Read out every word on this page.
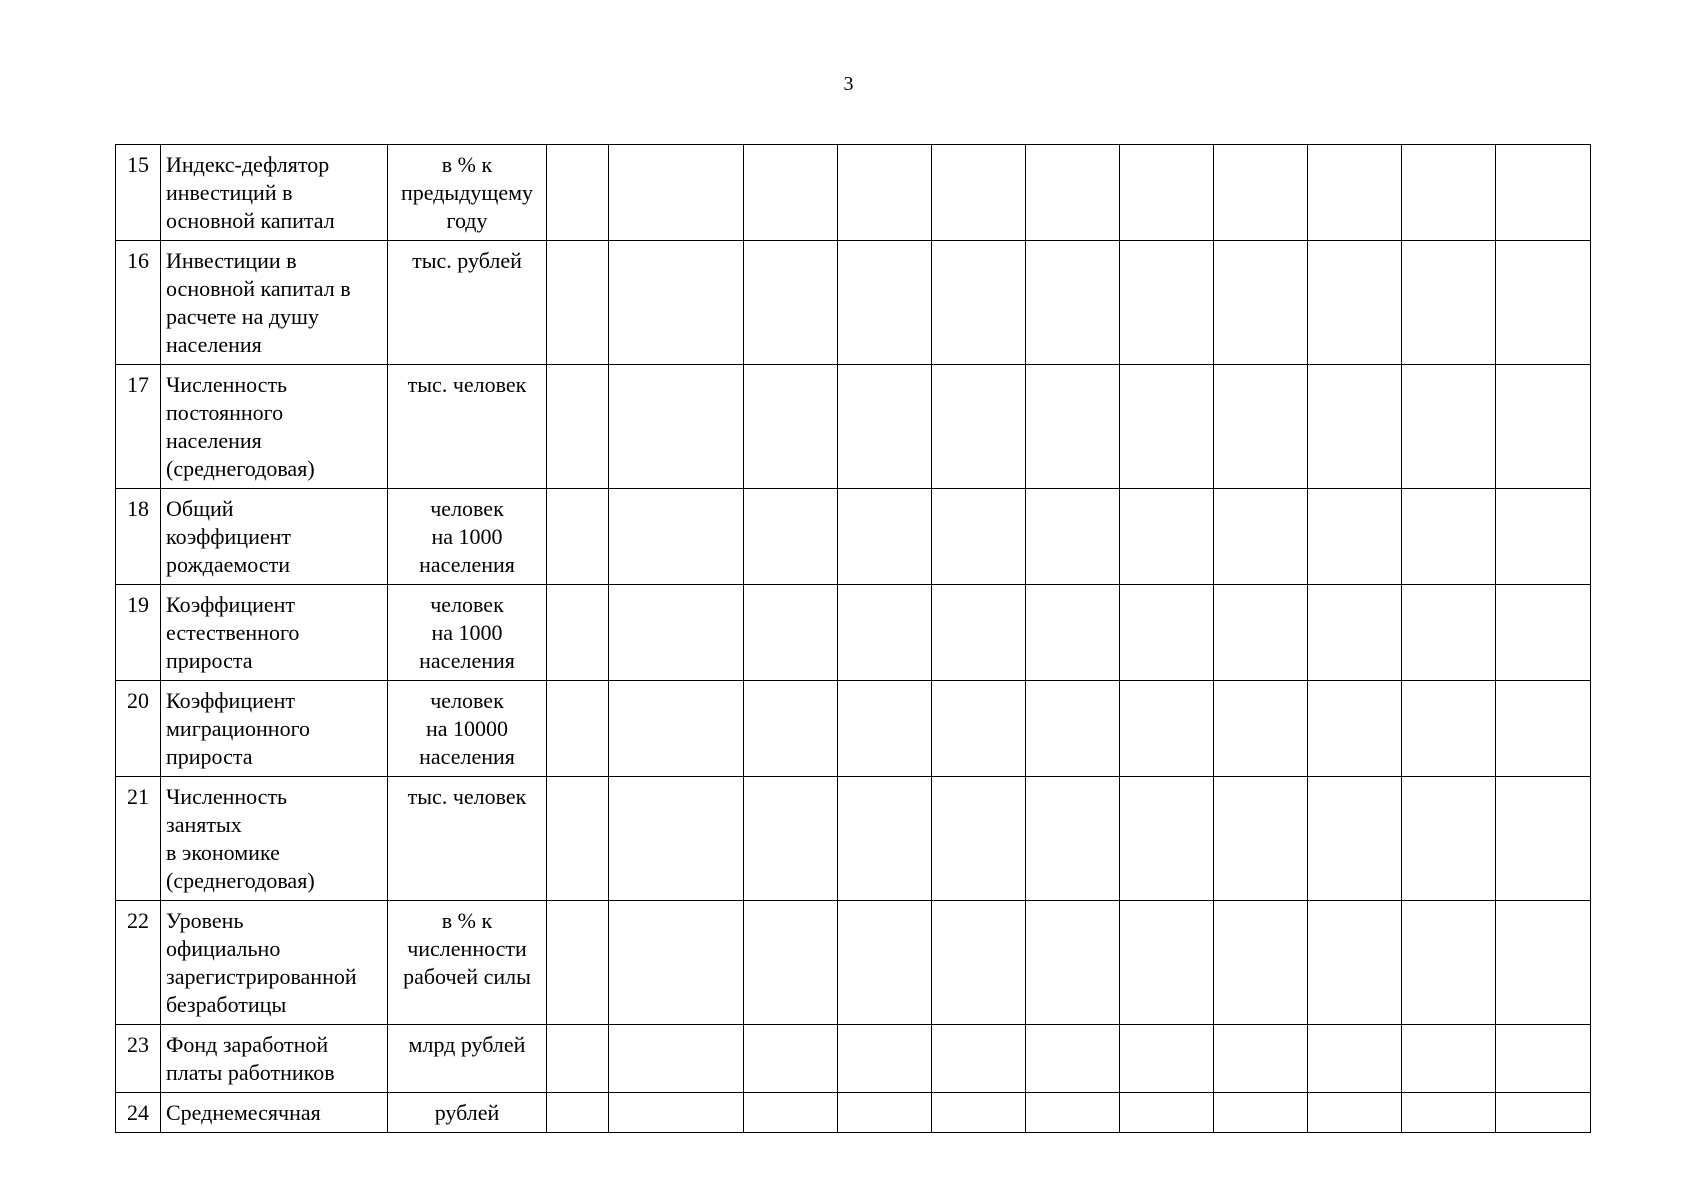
3
15	Индекс-дефлятор
инвестиций в
основной капитал	в % к
предыдущему
году											

16	Инвестиции в
основной капитал в
расчете на душу
населения	тыс. рублей											

17	Численность
постоянного
населения
(среднегодовая)	тыс. человек											

18	Общий
коэффициент
рождаемости	человек
на 1000
населения											

19	Коэффициент
естественного
прироста	человек
на 1000
населения											

20	Коэффициент
миграционного
прироста	человек
на 10000
населения											

21	Численность
занятых
в экономике
(среднегодовая)	тыс. человек											

22	Уровень
официально
зарегистрированной
безработицы	в % к
численности
рабочей силы											

23	Фонд заработной
платы работников	млрд рублей											

24	Среднемесячная	рублей											
